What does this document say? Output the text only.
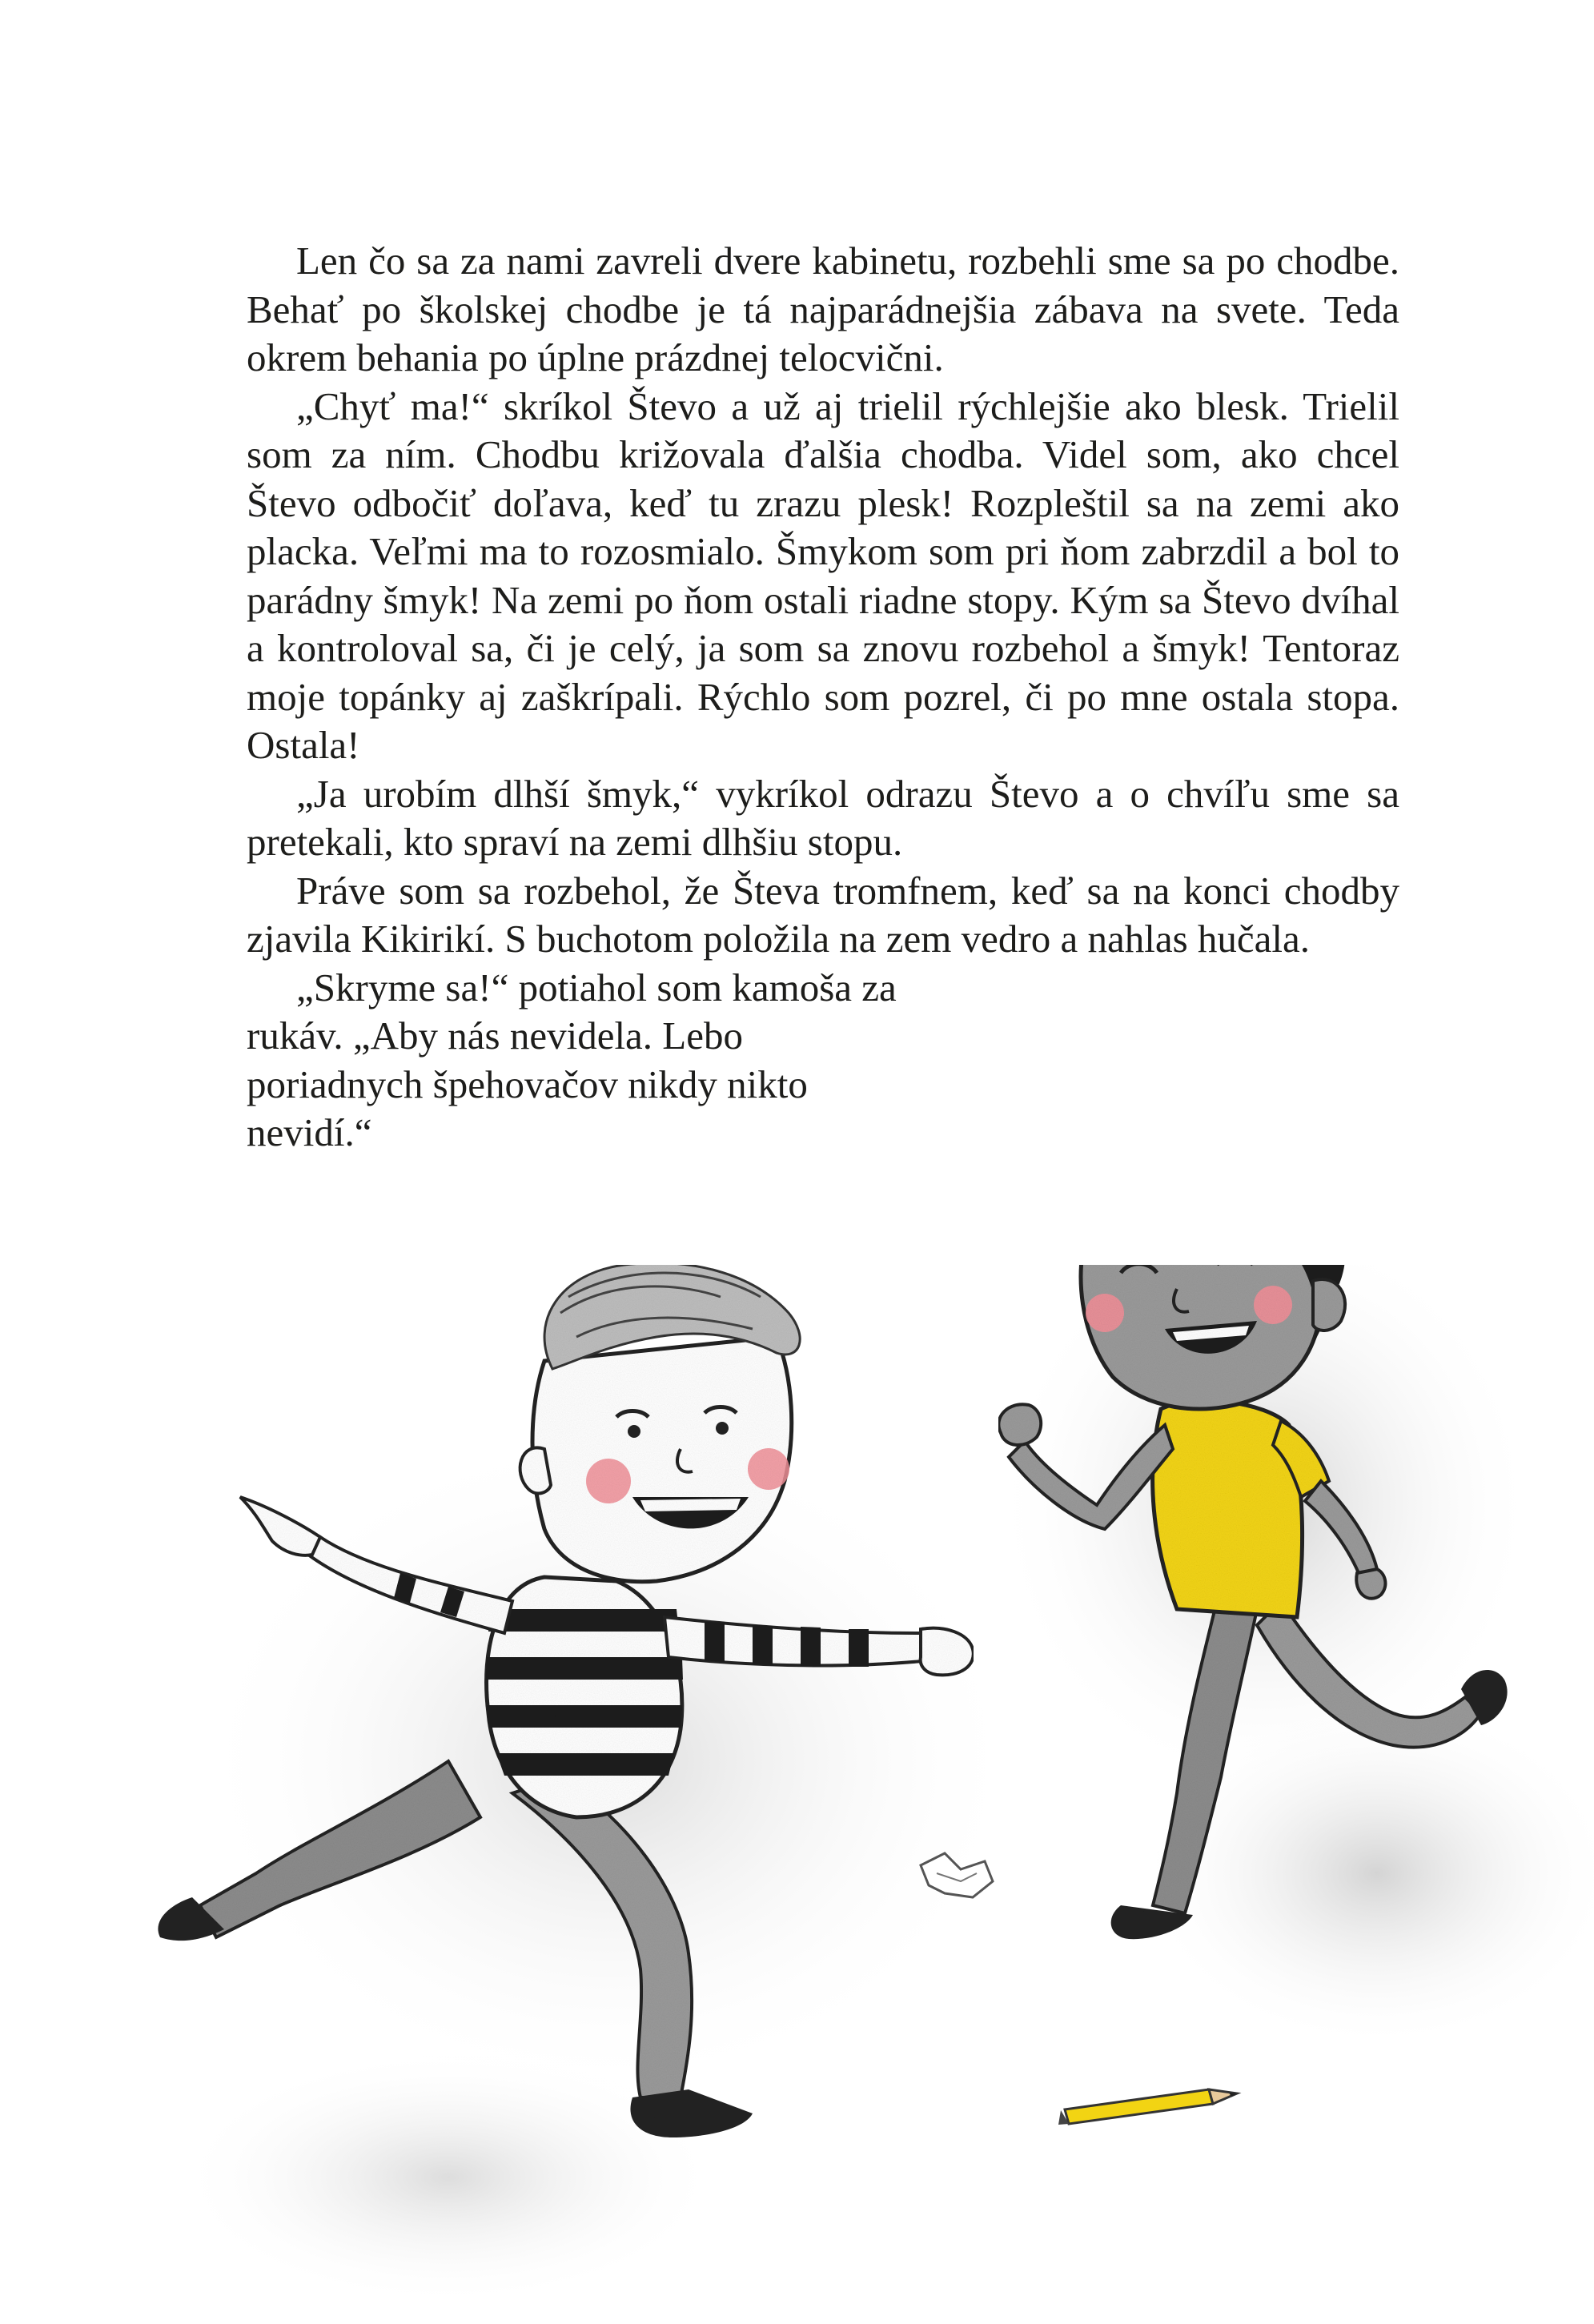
Len čo sa za nami zavreli dvere kabinetu, rozbehli sme sa po chodbe. Behať po školskej chodbe je tá najparádnejšia zábava na svete. Teda okrem behania po úplne prázdnej telocvični.

„Chyť ma!“ skríkol Števo a už aj trielil rýchlejšie ako blesk. Trielil som za ním. Chodbu križovala ďalšia chodba. Videl som, ako chcel Števo odbočiť doľava, keď tu zrazu plesk! Rozpleštil sa na zemi ako placka. Veľmi ma to rozosmialo. Šmykom som pri ňom zabrzdil a bol to parádny šmyk! Na zemi po ňom ostali riadne stopy. Kým sa Števo dvíhal a kontroloval sa, či je celý, ja som sa znovu rozbehol a šmyk! Tentoraz moje topánky aj zaškrípali. Rýchlo som pozrel, či po mne ostala stopa. Ostala!

„Ja urobím dlhší šmyk,“ vykríkol odrazu Števo a o chvíľu sme sa pretekali, kto spraví na zemi dlhšiu stopu.

Práve som sa rozbehol, že Števa tromfnem, keď sa na konci chodby zjavila Kikirikí. S buchotom položila na zem vedro a nahlas hučala.

„Skryme sa!“ potiahol som kamoša za rukáv. „Aby nás nevidela. Lebo poriadnych špehovačov nikdy nikto nevidí.“
